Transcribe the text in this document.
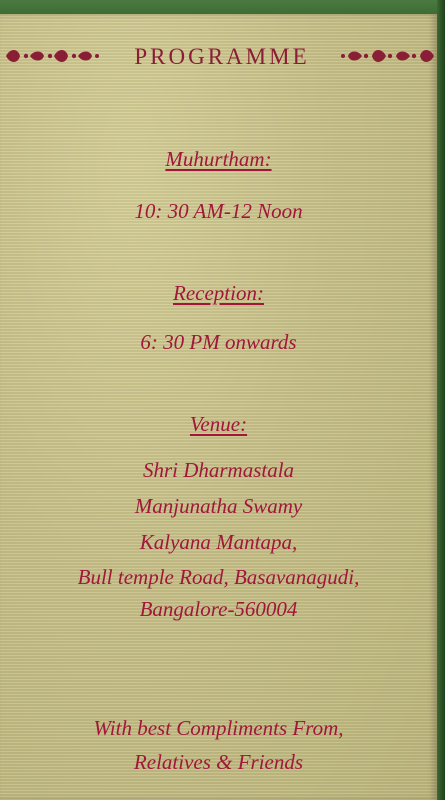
PROGRAMME
Muhurtham:
10: 30 AM-12 Noon
Reception:
6: 30 PM onwards
Venue:
Shri Dharmastala
Manjunatha Swamy
Kalyana Mantapa,
Bull temple Road, Basavanagudi,
Bangalore-560004
With best Compliments From,
Relatives & Friends
